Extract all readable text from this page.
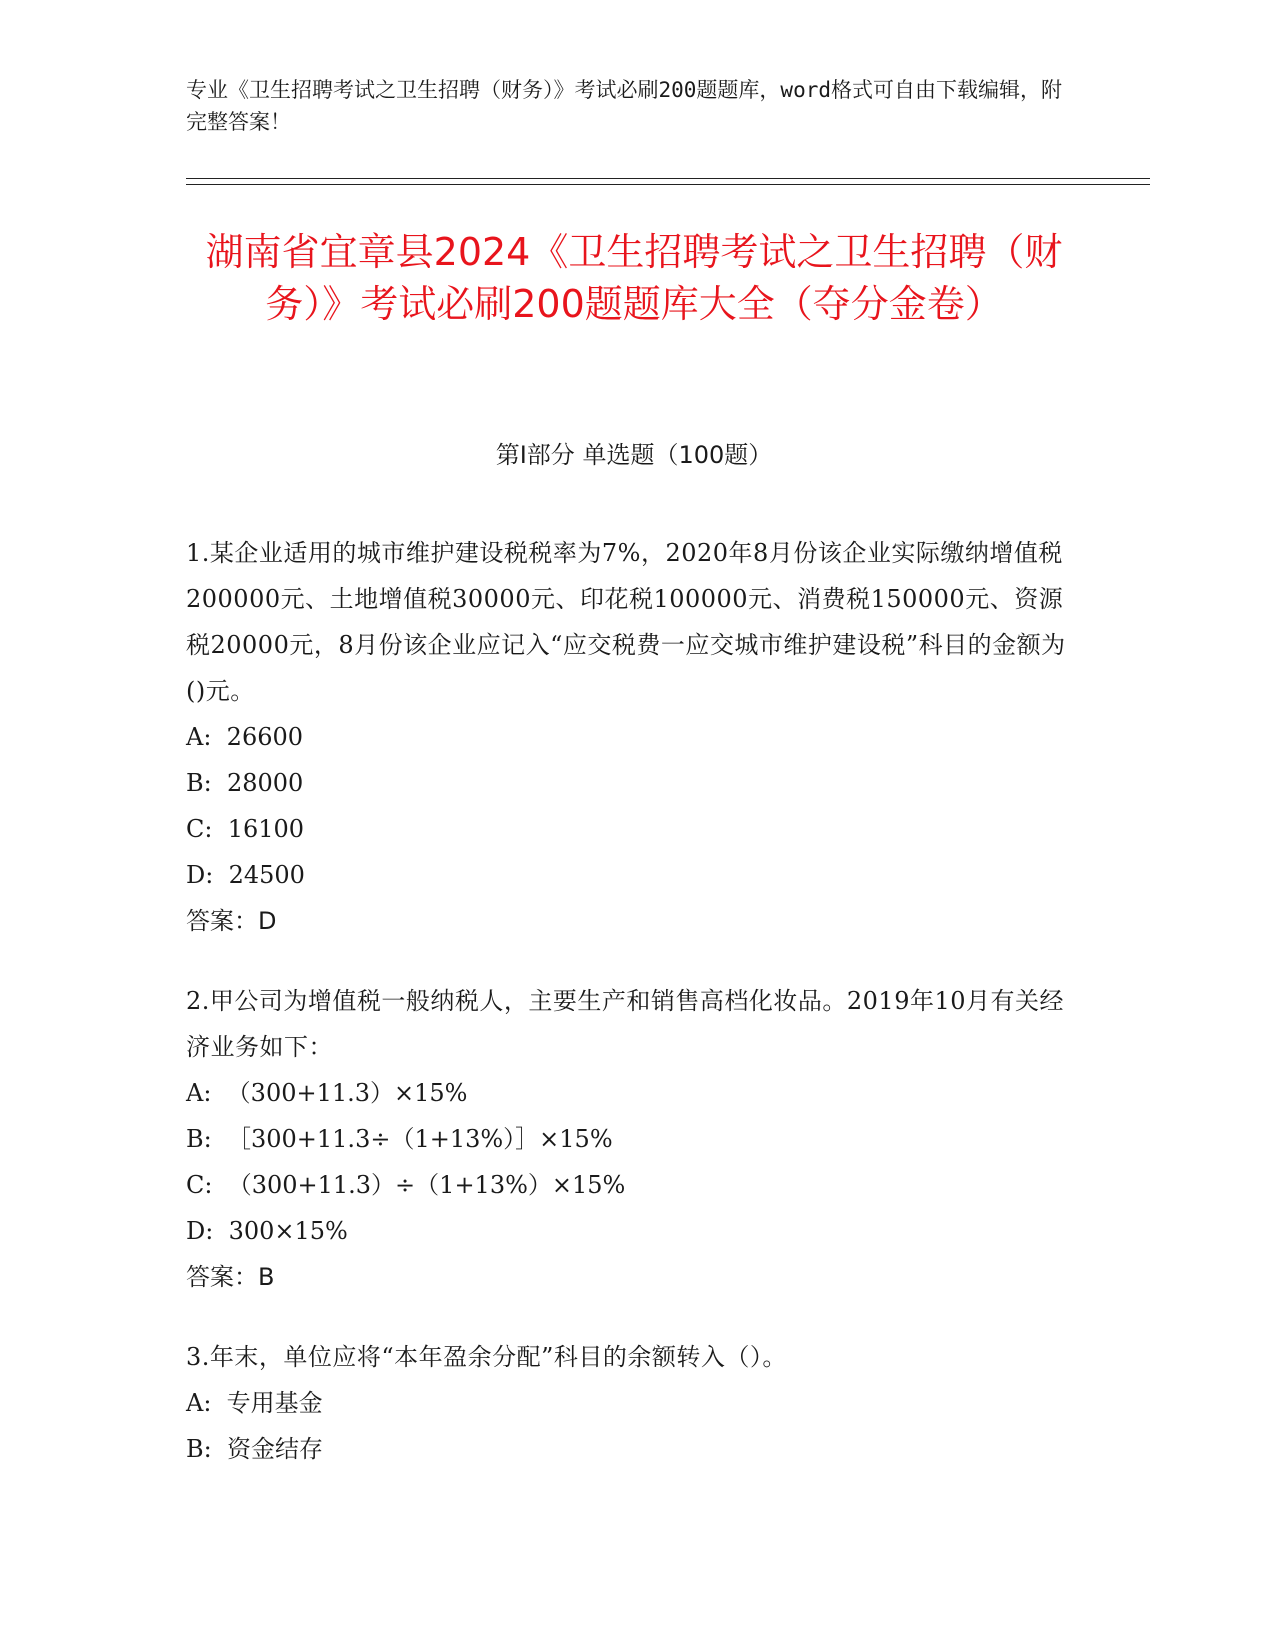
专业《卫生招聘考试之卫生招聘（财务）》考试必刷200题题库，word格式可自由下载编辑，附完整答案！
湖南省宜章县2024《卫生招聘考试之卫生招聘（财务）》考试必刷200题题库大全（夺分金卷）
第I部分 单选题（100题）
1.某企业适用的城市维护建设税税率为7%，2020年8月份该企业实际缴纳增值税200000元、土地增值税30000元、印花税100000元、消费税150000元、资源税20000元，8月份该企业应记入“应交税费一应交城市维护建设税”科目的金额为()元。
A:  26600
B:  28000
C:  16100
D:  24500
答案：D
2.甲公司为增值税一般纳税人，主要生产和销售高档化妆品。2019年10月有关经济业务如下：
A:  （300+11.3）×15%
B:  ［300+11.3÷（1+13%）］×15%
C:  （300+11.3）÷（1+13%）×15%
D:  300×15%
答案：B
3.年末，单位应将“本年盈余分配”科目的余额转入（）。
A:  专用基金
B:  资金结存
